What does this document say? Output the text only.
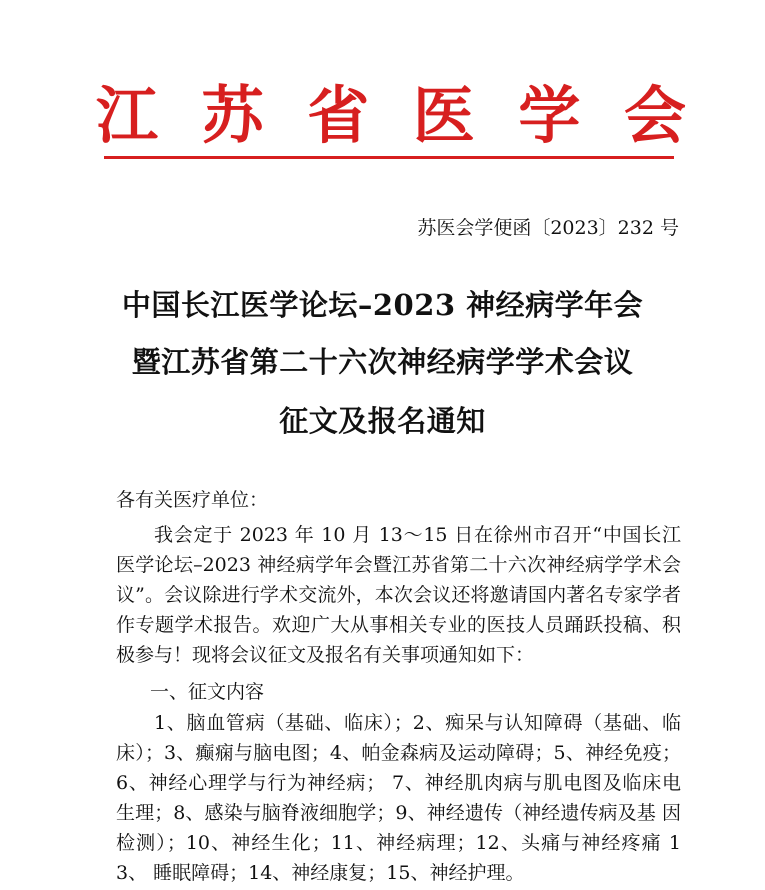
江 苏 省 医 学 会
苏医会学便函〔2023〕232 号
中国长江医学论坛–2023 神经病学年会
暨江苏省第二十六次神经病学学术会议
征文及报名通知
各有关医疗单位：

我会定于 2023 年 10 月 13～15 日在徐州市召开“中国长江医学论坛–2023 神经病学年会暨江苏省第二十六次神经病学学术会议”。会议除进行学术交流外，本次会议还将邀请国内著名专家学者作专题学术报告。欢迎广大从事相关专业的医技人员踊跃投稿、积极参与！现将会议征文及报名有关事项通知如下：

一、征文内容

1、脑血管病（基础、临床）；2、痴呆与认知障碍（基础、临 床）；3、癫痫与脑电图；4、帕金森病及运动障碍；5、神经免疫； 6、神经心理学与行为神经病； 7、神经肌肉病与肌电图及临床电 生理；8、感染与脑脊液细胞学；9、神经遗传（神经遗传病及基 因检测）；10、神经生化；11、神经病理；12、头痛与神经疼痛 13、 睡眠障碍；14、神经康复；15、神经护理。
